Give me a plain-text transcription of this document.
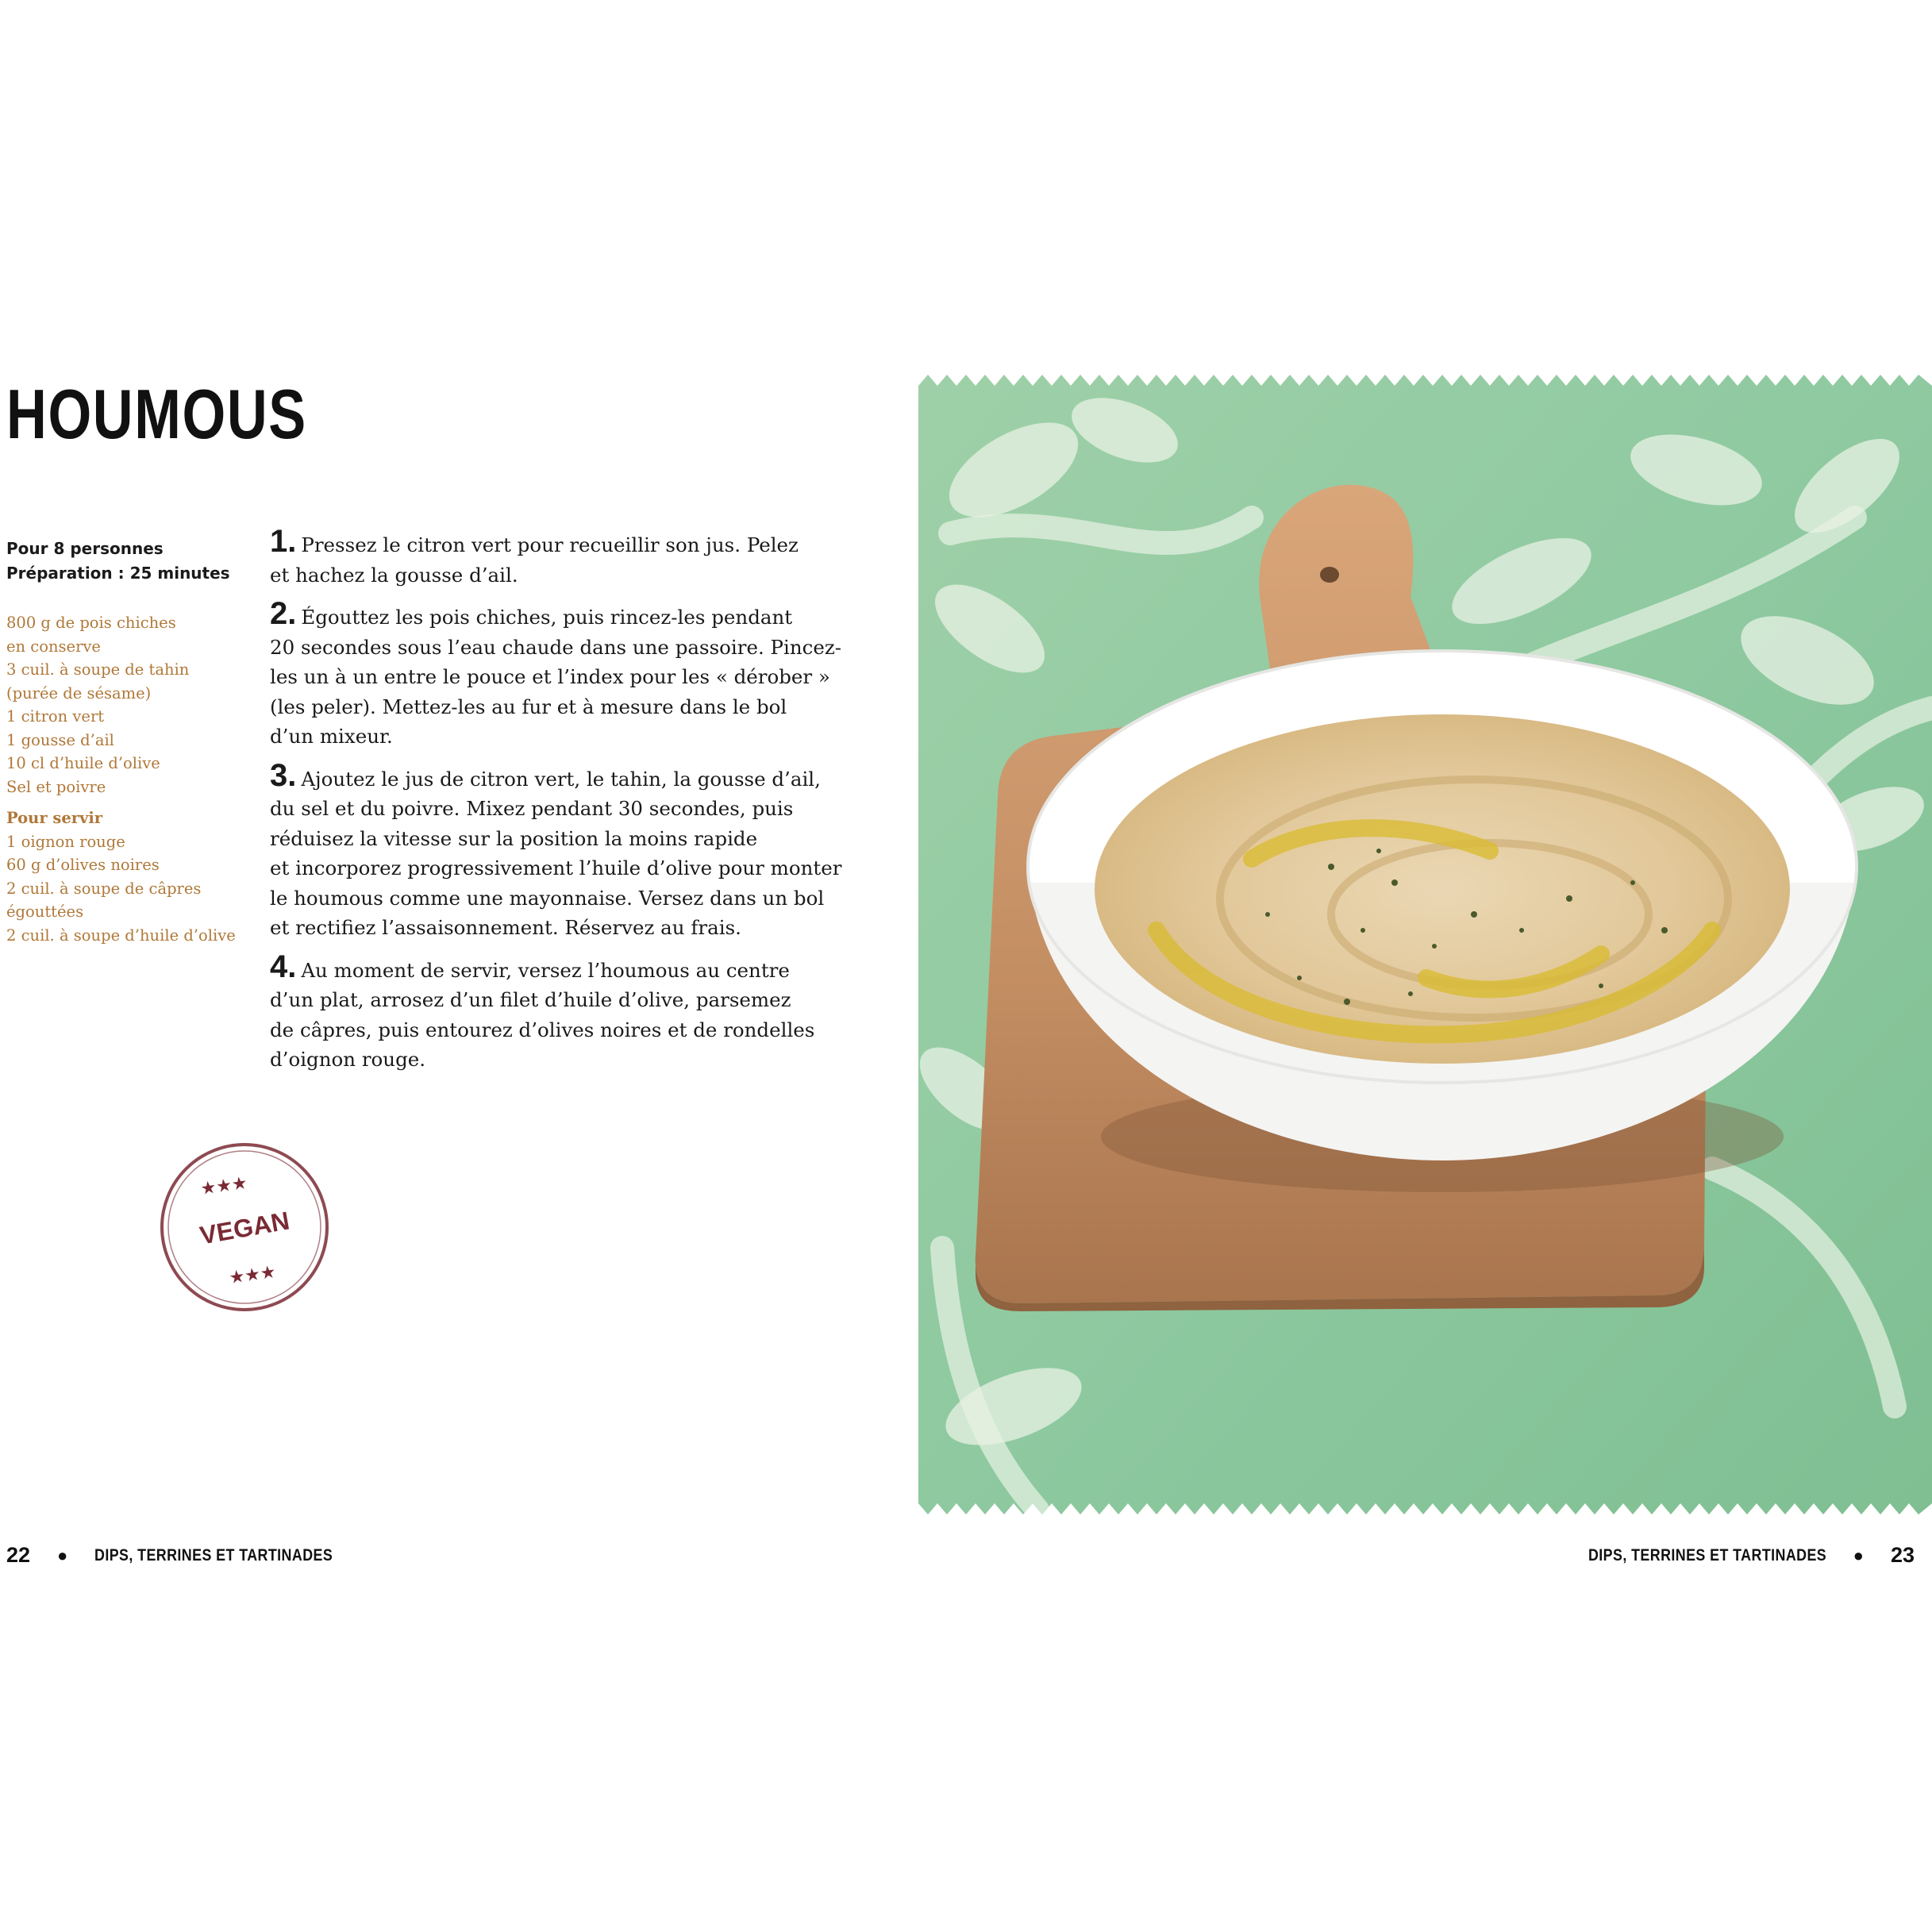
HOUMOUS
Pour 8 personnes
Préparation : 25 minutes
800 g de pois chiches
en conserve
3 cuil. à soupe de tahin
(purée de sésame)
1 citron vert
1 gousse d’ail
10 cl d’huile d’olive
Sel et poivre
Pour servir
1 oignon rouge
60 g d’olives noires
2 cuil. à soupe de câpres
égouttées
2 cuil. à soupe d’huile d’olive
1. Pressez le citron vert pour recueillir son jus. Pelez
et hachez la gousse d’ail.
2. Égouttez les pois chiches, puis rincez-les pendant
20 secondes sous l’eau chaude dans une passoire. Pincez-
les un à un entre le pouce et l’index pour les « dérober »
(les peler). Mettez-les au fur et à mesure dans le bol
d’un mixeur.
3. Ajoutez le jus de citron vert, le tahin, la gousse d’ail,
du sel et du poivre. Mixez pendant 30 secondes, puis
réduisez la vitesse sur la position la moins rapide
et incorporez progressivement l’huile d’olive pour monter
le houmous comme une mayonnaise. Versez dans un bol
et rectifiez l’assaisonnement. Réservez au frais.
4. Au moment de servir, versez l’houmous au centre
d’un plat, arrosez d’un filet d’huile d’olive, parsemez
de câpres, puis entourez d’olives noires et de rondelles
d’oignon rouge.
★★★
★★★
VEGAN
22 ● DIPS, TERRINES ET TARTINADES	DIPS, TERRINES ET TARTINADES ● 23
